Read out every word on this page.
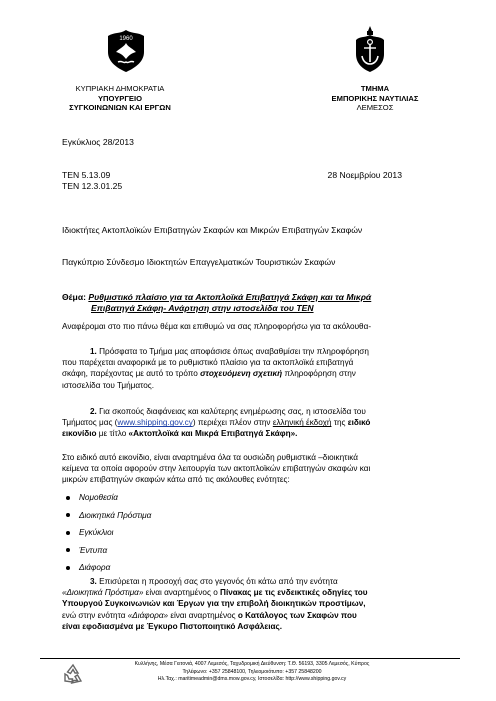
1960
ΚΥΠΡΙΑΚΗ ΔΗΜΟΚΡΑΤΙΑ
ΥΠΟΥΡΓΕΙΟ
ΣΥΓΚΟΙΝΩΝΙΩΝ ΚΑΙ ΕΡΓΩΝ
ΤΜΗΜΑ
ΕΜΠΟΡΙΚΗΣ ΝΑΥΤΙΛΙΑΣ
ΛΕΜΕΣΟΣ
Εγκύκλιος 28/2013
ΤΕΝ 5.13.09	28 Νοεμβρίου 2013
ΤΕΝ 12.3.01.25
Ιδιοκτήτες Ακτοπλοϊκών Επιβατηγών Σκαφών και Μικρών Επιβατηγών Σκαφών
Παγκύπριο Σύνδεσμο Ιδιοκτητών Επαγγελματικών Τουριστικών Σκαφών
Θέμα: Ρυθμιστικό πλαίσιο για τα Ακτοπλοϊκά Επιβατηγά Σκάφη και τα Μικρά
Επιβατηγά Σκάφη- Ανάρτηση στην ιστοσελίδα του ΤΕΝ
Αναφέρομαι στο πιο πάνω θέμα και επιθυμώ να σας πληροφορήσω για τα ακόλουθα-
1. Πρόσφατα το Τμήμα μας αποφάσισε όπως αναβαθμίσει την πληροφόρηση
που παρέχεται αναφορικά με το ρυθμιστικό πλαίσιο για τα ακτοπλοϊκά επιβατηγά
σκάφη, παρέχοντας με αυτό το τρόπο στοχευόμενη σχετική πληροφόρηση στην
ιστοσελίδα του Τμήματος.
2. Για σκοπούς διαφάνειας και καλύτερης ενημέρωσης σας, η ιστοσελίδα του
Τμήματος μας (www.shipping.gov.cy) περιέχει πλέον στην ελληνική έκδοχή της ειδικό
εικονίδιο με τίτλο «Ακτοπλοϊκά και Μικρά Επιβατηγά Σκάφη».
Στο ειδικό αυτό εικονίδιο, είναι αναρτημένα όλα τα ουσιώδη ρυθμιστικά –διοικητικά
κείμενα τα οποία αφορούν στην λειτουργία των ακτοπλοϊκών επιβατηγών σκαφών και
μικρών επιβατηγών σκαφών κάτω από τις ακόλουθες ενότητες:
Νομοθεσία
Διοικητικά Πρόστιμα
Εγκύκλιοι
Έντυπα
Διάφορα
3. Επισύρεται η προσοχή σας στο γεγονός ότι κάτω από την ενότητα
«Διοικητικά Πρόστιμα» είναι αναρτημένος ο Πίνακας με τις ενδεικτικές οδηγίες του
Υπουργού Συγκοινωνιών και Έργων για την επιβολή διοικητικών προστίμων,
ενώ στην ενότητα «Διάφορα» είναι αναρτημένος ο Κατάλογος των Σκαφών που
είναι εφοδιασμένα με Έγκυρο Πιστοποιητικό Ασφάλειας.
Κυλλήνης, Μέσα Γειτονιά, 4007 Λεμεσός, Ταχυδρομική Διεύθυνση: Τ.Θ. 56193, 3305 Λεμεσός, Κύπρος
Τηλέφωνο: +357 25848100, Τηλεομοιότυπο: +357 25848200
Ηλ.Ταχ.: maritimeadmin@dms.mow.gov.cy, Ιστοσελίδα: http://www.shipping.gov.cy
